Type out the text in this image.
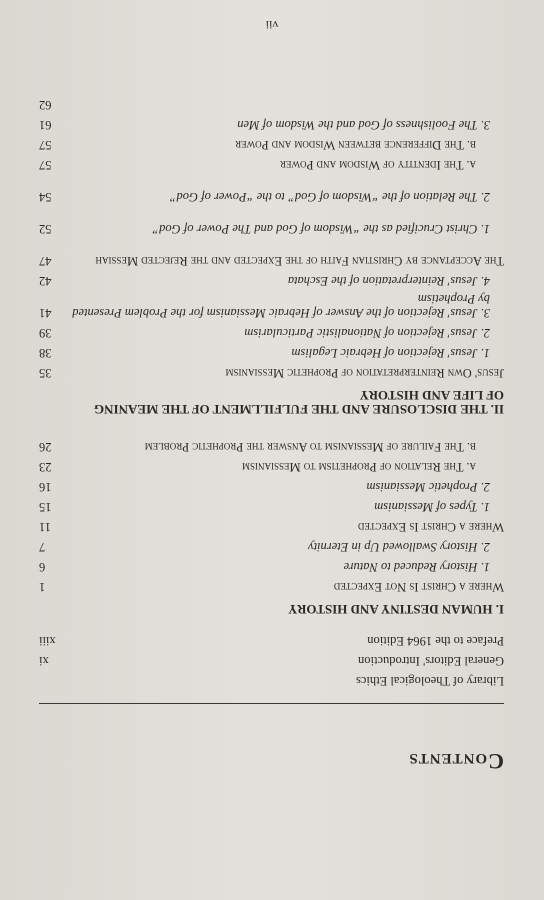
Contents
Library of Theological Ethics
General Editors' Introduction
xi
Preface to the 1964 Edition
xiii
I. HUMAN DESTINY AND HISTORY
Where a Christ Is Not Expected
1
1. History Reduced to Nature
6
2. History Swallowed Up in Eternity
7
Where a Christ Is Expected
11
1. Types of Messianism
15
2. Prophetic Messianism
16
a. The Relation of Prophetism to Messianism
23
b. The Failure of Messianism to Answer the Prophetic Problem
26
II. THE DISCLOSURE AND THE FULFILLMENT OF THE MEANING OF LIFE AND HISTORY
Jesus' Own Reinterpretation of Prophetic Messianism
35
1. Jesus' Rejection of Hebraic Legalism
38
2. Jesus' Rejection of Nationalistic Particularism
39
3. Jesus' Rejection of the Answer of Hebraic Messianism for the Problem Presented by Prophetism
41
4. Jesus' Reinterpretation of the Eschata
42
The Acceptance by Christian Faith of the Expected and the Rejected Messiah
47
1. Christ Crucified as the “Wisdom of God and The Power of God”
52
2. The Relation of the “Wisdom of God” to the “Power of God”
54
a. The Identity of Wisdom and Power
57
b. The Difference between Wisdom and Power
57
3. The Foolishness of God and the Wisdom of Men
61
62
vii
